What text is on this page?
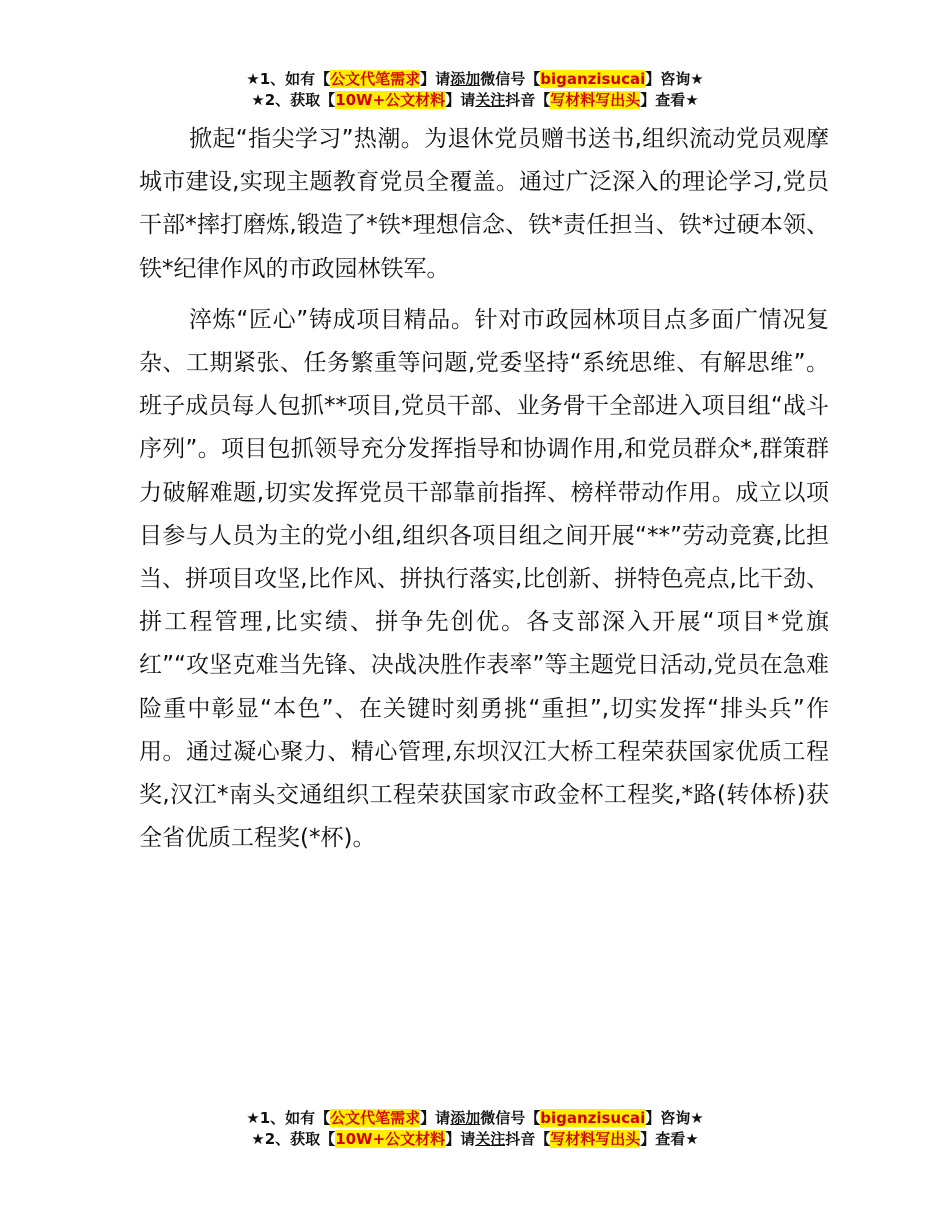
★1、如有【公文代笔需求】请添加微信号【biganzisucai】咨询★
★2、获取【10W+公文材料】请关注抖音【写材料写出头】查看★

掀起“指尖学习”热潮。为退休党员赠书送书,组织流动党员观摩城市建设,实现主题教育党员全覆盖。通过广泛深入的理论学习,党员干部*摔打磨炼,锻造了*铁*理想信念、铁*责任担当、铁*过硬本领、铁*纪律作风的市政园林铁军。

淬炼“匠心”铸成项目精品。针对市政园林项目点多面广情况复杂、工期紧张、任务繁重等问题,党委坚持“系统思维、有解思维”。班子成员每人包抓**项目,党员干部、业务骨干全部进入项目组“战斗序列”。项目包抓领导充分发挥指导和协调作用,和党员群众*,群策群力破解难题,切实发挥党员干部靠前指挥、榜样带动作用。成立以项目参与人员为主的党小组,组织各项目组之间开展“**”劳动竞赛,比担当、拼项目攻坚,比作风、拼执行落实,比创新、拼特色亮点,比干劲、拼工程管理,比实绩、拼争先创优。各支部深入开展“项目*党旗红”“攻坚克难当先锋、决战决胜作表率”等主题党日活动,党员在急难险重中彰显“本色”、在关键时刻勇挑“重担”,切实发挥“排头兵”作用。通过凝心聚力、精心管理,东坝汉江大桥工程荣获国家优质工程奖,汉江*南头交通组织工程荣获国家市政金杯工程奖,*路(转体桥)获全省优质工程奖(*杯)。

★1、如有【公文代笔需求】请添加微信号【biganzisucai】咨询★
★2、获取【10W+公文材料】请关注抖音【写材料写出头】查看★
